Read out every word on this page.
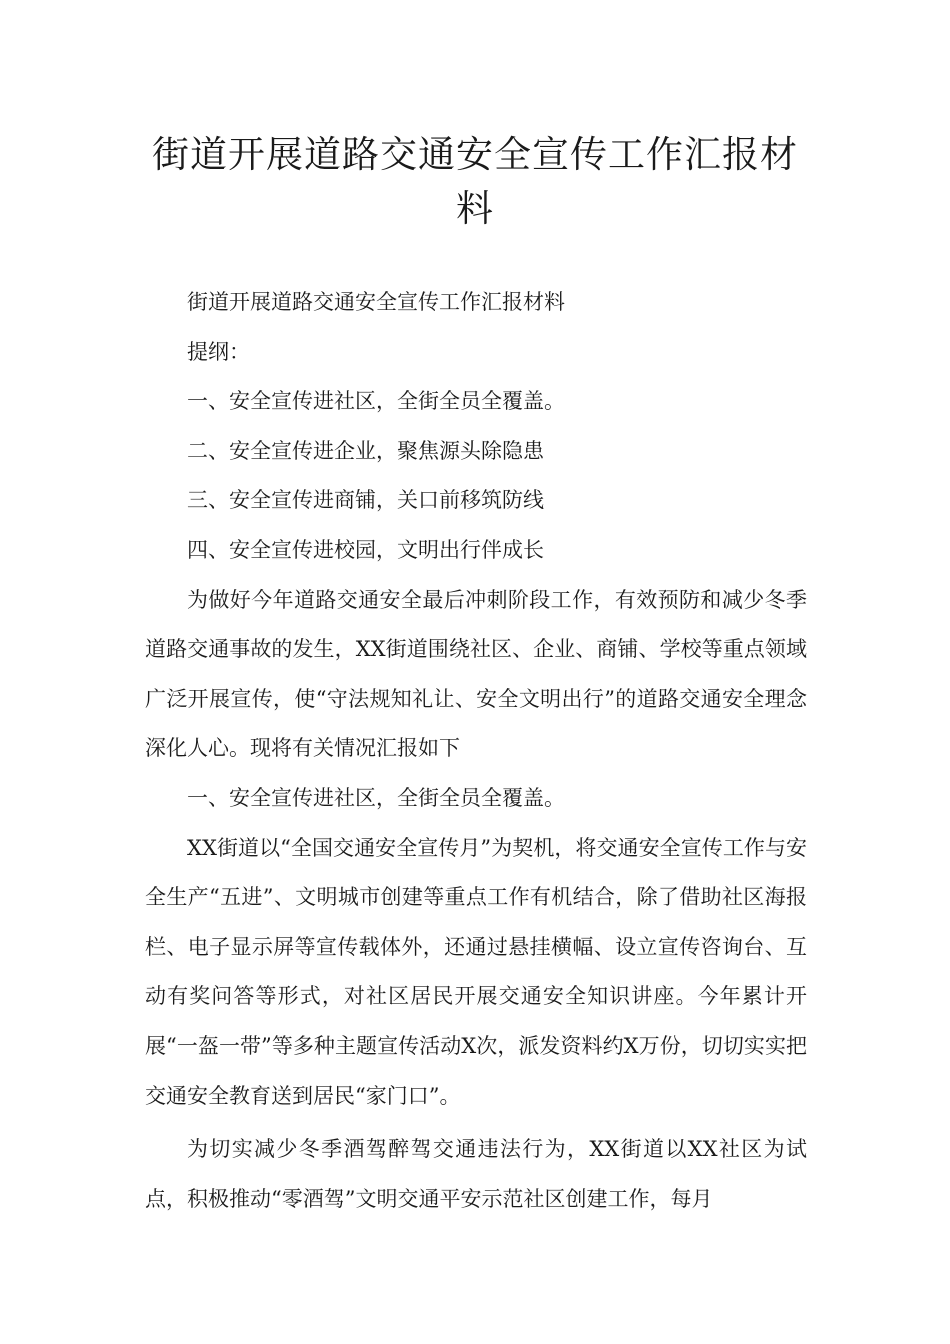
街道开展道路交通安全宣传工作汇报材料

街道开展道路交通安全宣传工作汇报材料

提纲：

一、安全宣传进社区，全街全员全覆盖。

二、安全宣传进企业，聚焦源头除隐患

三、安全宣传进商铺，关口前移筑防线

四、安全宣传进校园，文明出行伴成长

为做好今年道路交通安全最后冲刺阶段工作，有效预防和减少冬季道路交通事故的发生，XX街道围绕社区、企业、商铺、学校等重点领域广泛开展宣传，使“守法规知礼让、安全文明出行”的道路交通安全理念深化人心。现将有关情况汇报如下

一、安全宣传进社区，全街全员全覆盖。

XX街道以“全国交通安全宣传月”为契机，将交通安全宣传工作与安全生产“五进”、文明城市创建等重点工作有机结合，除了借助社区海报栏、电子显示屏等宣传载体外，还通过悬挂横幅、设立宣传咨询台、互动有奖问答等形式，对社区居民开展交通安全知识讲座。今年累计开展“一盔一带”等多种主题宣传活动X次，派发资料约X万份，切切实实把交通安全教育送到居民“家门口”。

为切实减少冬季酒驾醉驾交通违法行为，XX街道以XX社区为试点，积极推动“零酒驾”文明交通平安示范社区创建工作，每月
